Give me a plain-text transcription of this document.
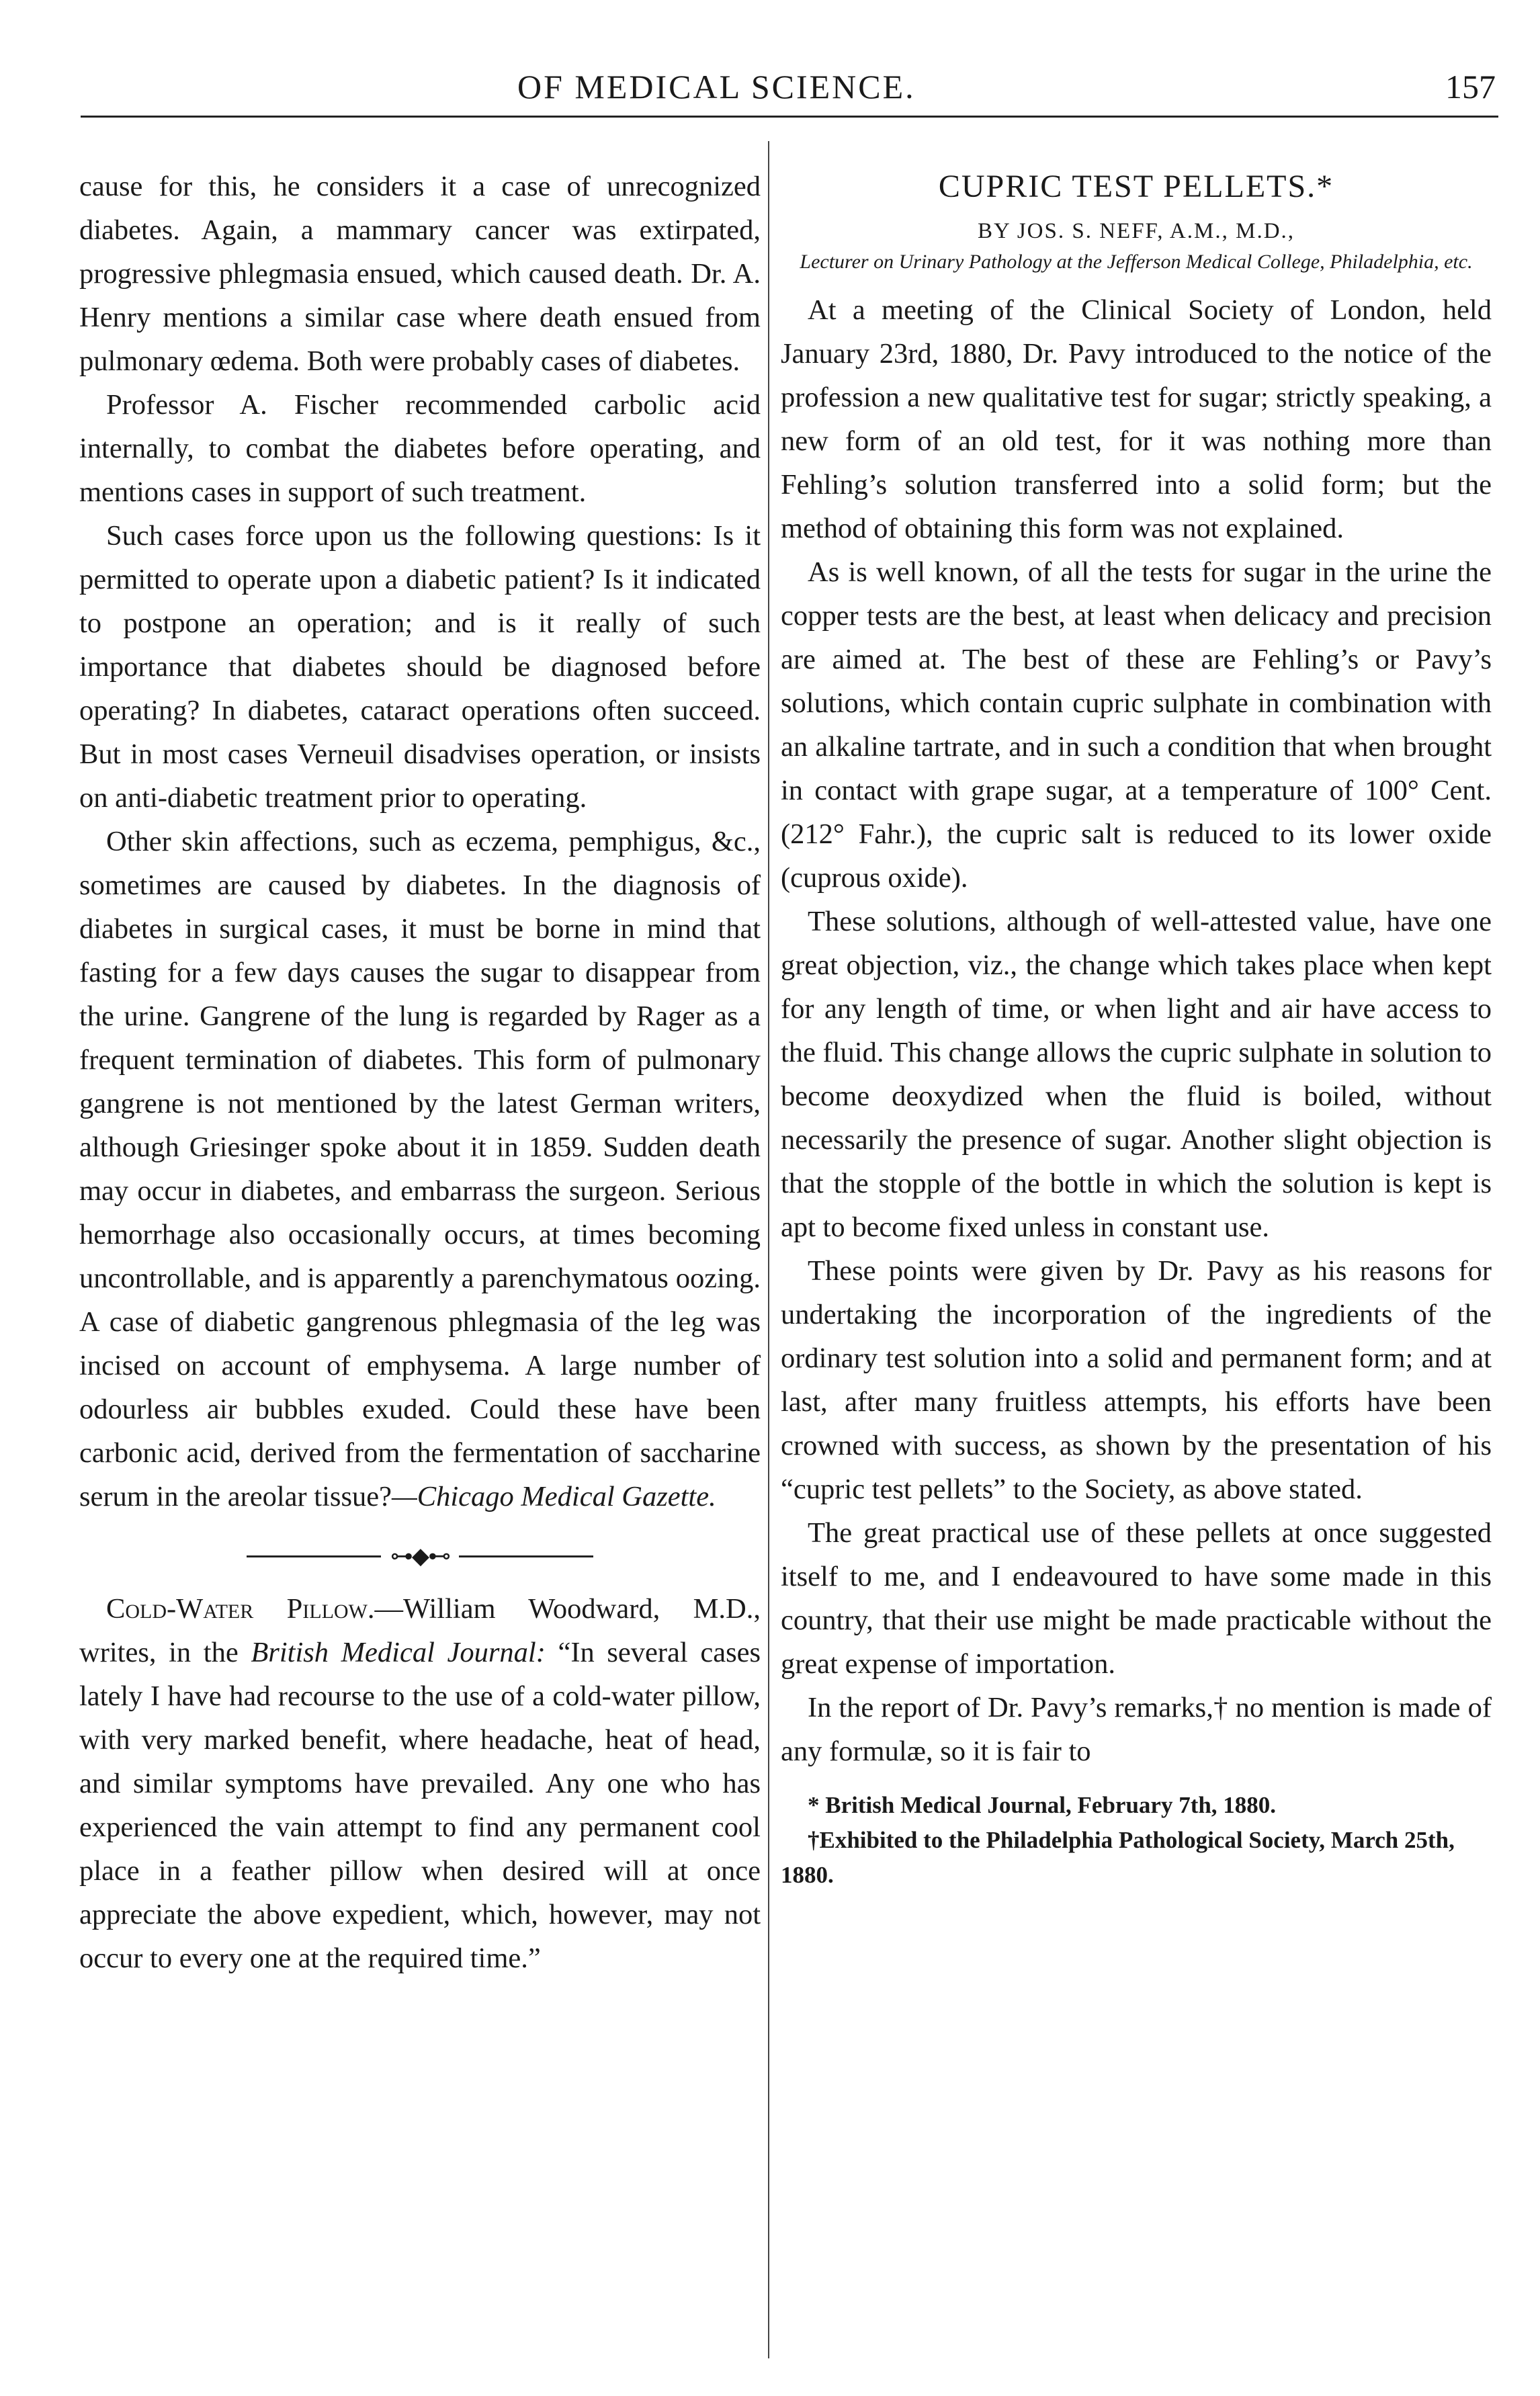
OF MEDICAL SCIENCE.	157

cause for this, he considers it a case of unrecognized diabetes. Again, a mammary cancer was extirpated, progressive phlegmasia ensued, which caused death. Dr. A. Henry mentions a similar case where death ensued from pulmonary œdema. Both were probably cases of diabetes.

Professor A. Fischer recommended carbolic acid internally, to combat the diabetes before operating, and mentions cases in support of such treatment.

Such cases force upon us the following questions: Is it permitted to operate upon a diabetic patient? Is it indicated to postpone an operation; and is it really of such importance that diabetes should be diagnosed before operating? In diabetes, cataract operations often succeed. But in most cases Verneuil disadvises operation, or insists on anti-diabetic treatment prior to operating.

Other skin affections, such as eczema, pemphigus, &c., sometimes are caused by diabetes. In the diagnosis of diabetes in surgical cases, it must be borne in mind that fasting for a few days causes the sugar to disappear from the urine. Gangrene of the lung is regarded by Rager as a frequent termination of diabetes. This form of pulmonary gangrene is not mentioned by the latest German writers, although Griesinger spoke about it in 1859. Sudden death may occur in diabetes, and embarrass the surgeon. Serious hemorrhage also occasionally occurs, at times becoming uncontrollable, and is apparently a parenchymatous oozing. A case of diabetic gangrenous phlegmasia of the leg was incised on account of emphysema. A large number of odourless air bubbles exuded. Could these have been carbonic acid, derived from the fermentation of saccharine serum in the areolar tissue?—Chicago Medical Gazette.

⊶◆⊷

Cold-Water Pillow.—William Woodward, M.D., writes, in the British Medical Journal: “In several cases lately I have had recourse to the use of a cold-water pillow, with very marked benefit, where headache, heat of head, and similar symptoms have prevailed. Any one who has experienced the vain attempt to find any permanent cool place in a feather pillow when desired will at once appreciate the above expedient, which, however, may not occur to every one at the required time.”

CUPRIC TEST PELLETS.*
BY JOS. S. NEFF, A.M., M.D.,
Lecturer on Urinary Pathology at the Jefferson Medical College, Philadelphia, etc.

At a meeting of the Clinical Society of London, held January 23rd, 1880, Dr. Pavy introduced to the notice of the profession a new qualitative test for sugar; strictly speaking, a new form of an old test, for it was nothing more than Fehling’s solution transferred into a solid form; but the method of obtaining this form was not explained.

As is well known, of all the tests for sugar in the urine the copper tests are the best, at least when delicacy and precision are aimed at. The best of these are Fehling’s or Pavy’s solutions, which contain cupric sulphate in combination with an alkaline tartrate, and in such a condition that when brought in contact with grape sugar, at a temperature of 100° Cent. (212° Fahr.), the cupric salt is reduced to its lower oxide (cuprous oxide).

These solutions, although of well-attested value, have one great objection, viz., the change which takes place when kept for any length of time, or when light and air have access to the fluid. This change allows the cupric sulphate in solution to become deoxydized when the fluid is boiled, without necessarily the presence of sugar. Another slight objection is that the stopple of the bottle in which the solution is kept is apt to become fixed unless in constant use.

These points were given by Dr. Pavy as his reasons for undertaking the incorporation of the ingredients of the ordinary test solution into a solid and permanent form; and at last, after many fruitless attempts, his efforts have been crowned with success, as shown by the presentation of his “cupric test pellets” to the Society, as above stated.

The great practical use of these pellets at once suggested itself to me, and I endeavoured to have some made in this country, that their use might be made practicable without the great expense of importation.

In the report of Dr. Pavy’s remarks,† no mention is made of any formulæ, so it is fair to

* British Medical Journal, February 7th, 1880.

†Exhibited to the Philadelphia Pathological Society, March 25th, 1880.
